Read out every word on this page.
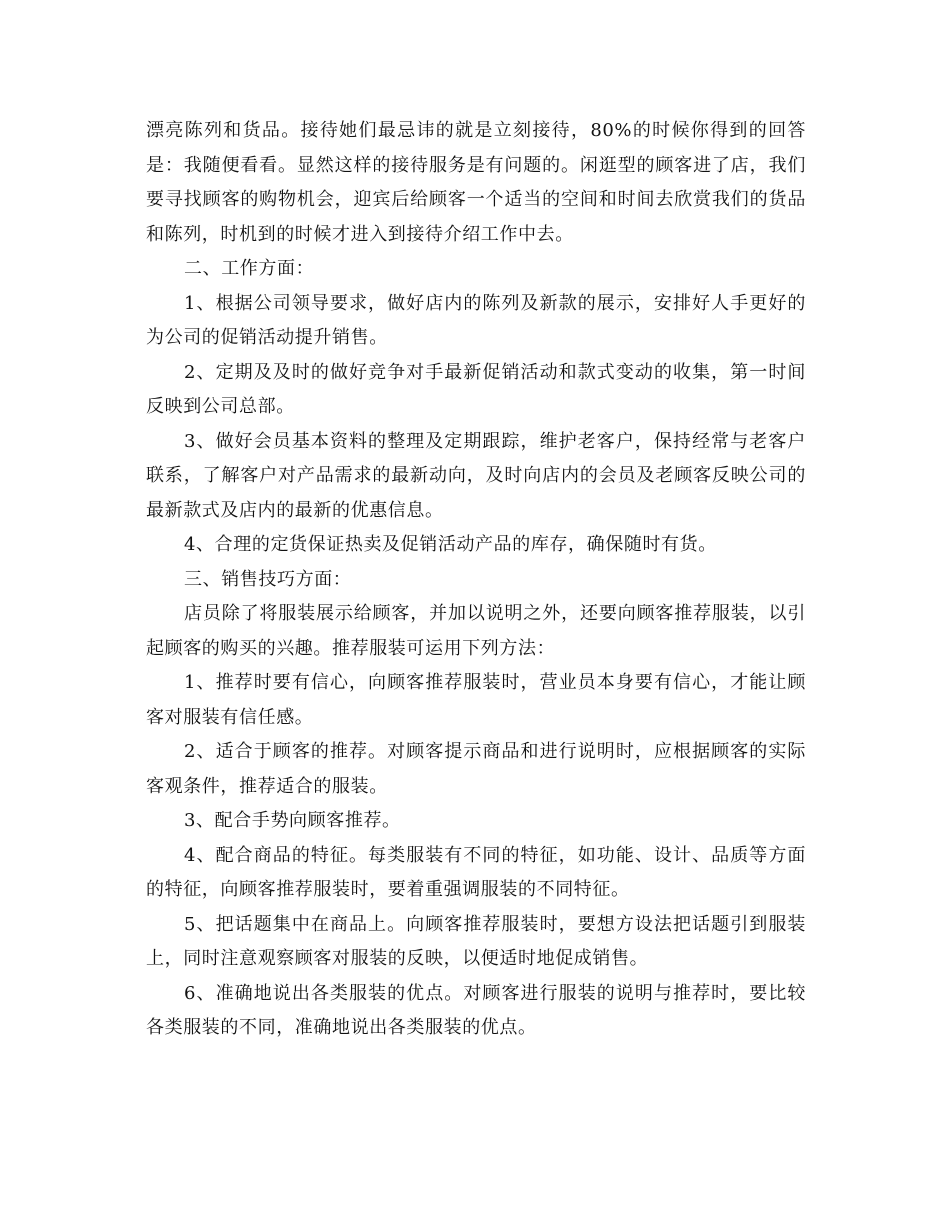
漂亮陈列和货品。接待她们最忌讳的就是立刻接待，80%的时候你得到的回答是：我随便看看。显然这样的接待服务是有问题的。闲逛型的顾客进了店，我们要寻找顾客的购物机会，迎宾后给顾客一个适当的空间和时间去欣赏我们的货品和陈列，时机到的时候才进入到接待介绍工作中去。

二、工作方面：

1、根据公司领导要求，做好店内的陈列及新款的展示，安排好人手更好的为公司的促销活动提升销售。

2、定期及及时的做好竞争对手最新促销活动和款式变动的收集，第一时间反映到公司总部。

3、做好会员基本资料的整理及定期跟踪，维护老客户，保持经常与老客户联系，了解客户对产品需求的最新动向，及时向店内的会员及老顾客反映公司的最新款式及店内的最新的优惠信息。

4、合理的定货保证热卖及促销活动产品的库存，确保随时有货。

三、销售技巧方面：

店员除了将服装展示给顾客，并加以说明之外，还要向顾客推荐服装，以引起顾客的购买的兴趣。推荐服装可运用下列方法：

1、推荐时要有信心，向顾客推荐服装时，营业员本身要有信心，才能让顾客对服装有信任感。

2、适合于顾客的推荐。对顾客提示商品和进行说明时，应根据顾客的实际客观条件，推荐适合的服装。

3、配合手势向顾客推荐。

4、配合商品的特征。每类服装有不同的特征，如功能、设计、品质等方面的特征，向顾客推荐服装时，要着重强调服装的不同特征。

5、把话题集中在商品上。向顾客推荐服装时，要想方设法把话题引到服装上，同时注意观察顾客对服装的反映，以便适时地促成销售。

6、准确地说出各类服装的优点。对顾客进行服装的说明与推荐时，要比较各类服装的不同，准确地说出各类服装的优点。
